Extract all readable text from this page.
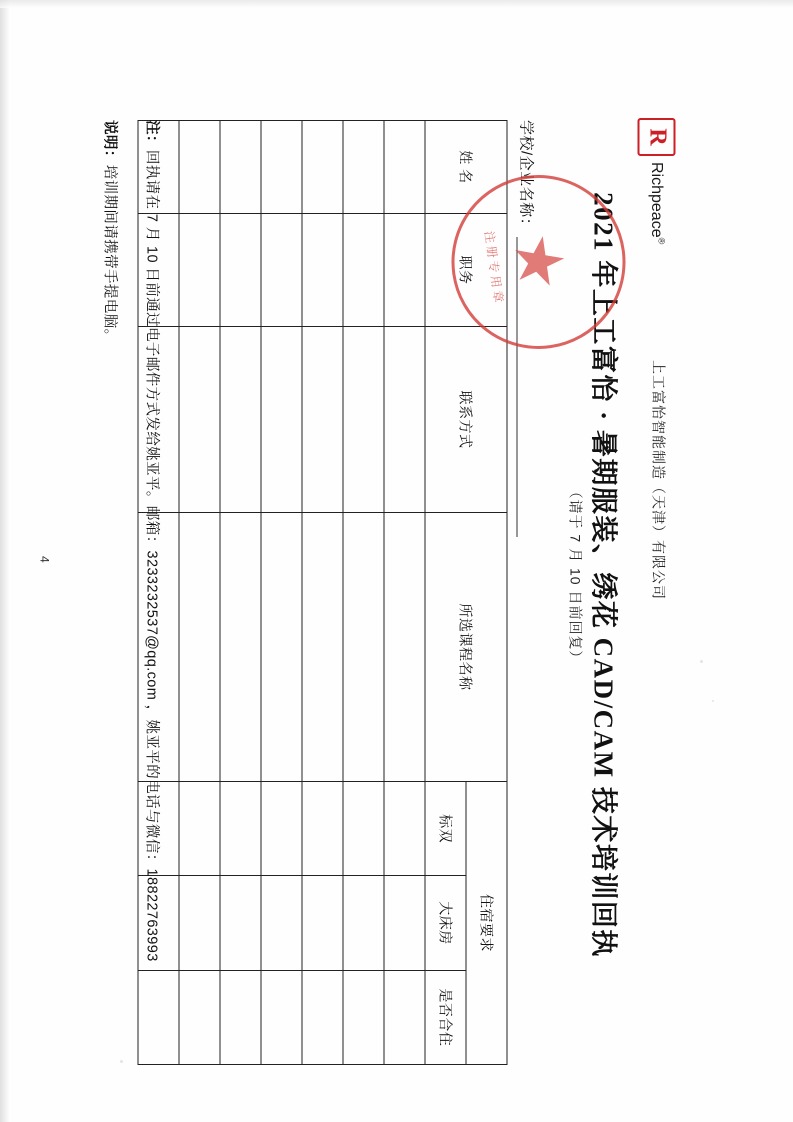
R
Richpeace®
上工富怡智能制造（天津）有限公司
2021 年上工富怡 · 暑期服装、绣花 CAD/CAM 技术培训回执
（请于 7 月 10 日前回复）
学校/企业名称：
姓 名	职务	联系方式	所选课程名称	住宿要求		
				标双	大床房	是否合住

注：回执请在 7 月 10 日前通过电子邮件方式发给姚亚平。邮箱：3233232537@qq.com ，姚亚平的电话与微信：18822763993
说明：培训期间请携带手提电脑。
4
注册专用章
